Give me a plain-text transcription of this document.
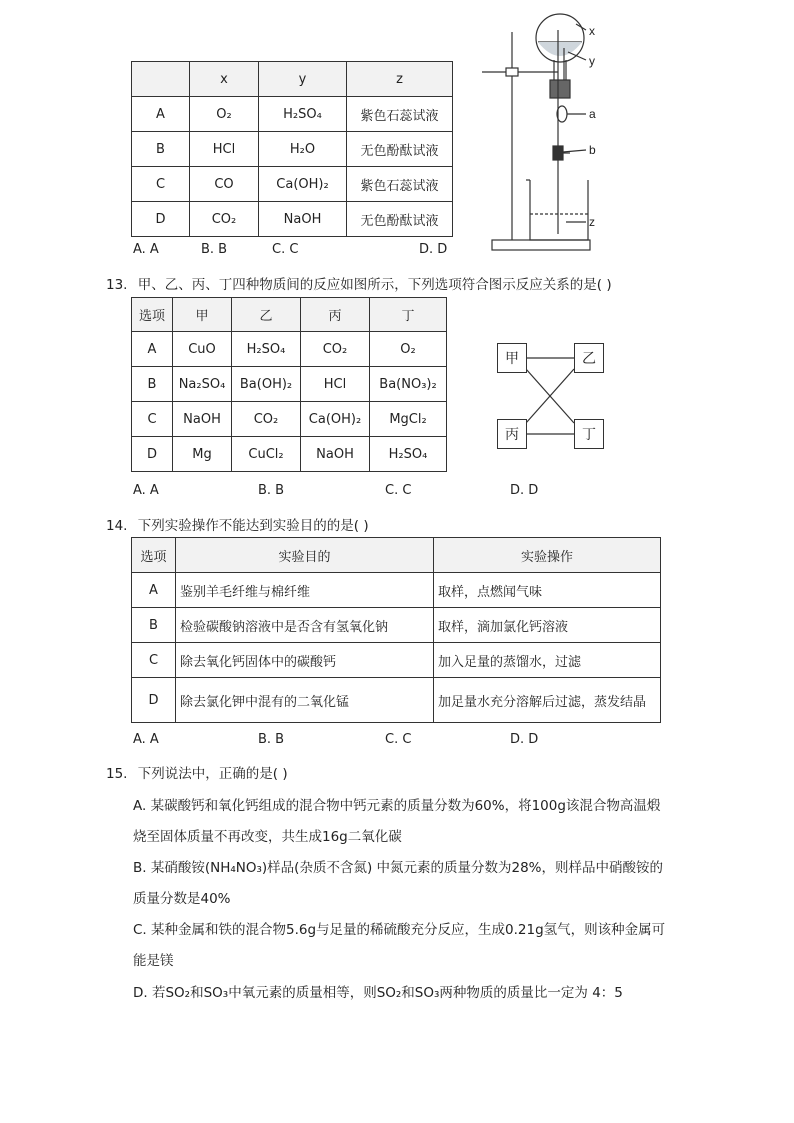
	x	y	z
A	O₂	H₂SO₄	紫色石蕊试液
B	HCl	H₂O	无色酚酞试液
C	CO	Ca(OH)₂	紫色石蕊试液
D	CO₂	NaOH	无色酚酞试液
A. A	B. B	C. C	D. D
x
y
a
b
z
13. 甲、乙、丙、丁四种物质间的反应如图所示，下列选项符合图示反应关系的是( )
选项	甲	乙	丙	丁
A	CuO	H₂SO₄	CO₂	O₂
B	Na₂SO₄	Ba(OH)₂	HCl	Ba(NO₃)₂
C	NaOH	CO₂	Ca(OH)₂	MgCl₂
D	Mg	CuCl₂	NaOH	H₂SO₄
甲	乙
丙	丁
A. A	B. B	C. C	D. D
14. 下列实验操作不能达到实验目的的是( )
选项	实验目的	实验操作
A	鉴别羊毛纤维与棉纤维	取样，点燃闻气味
B	检验碳酸钠溶液中是否含有氢氧化钠	取样，滴加氯化钙溶液
C	除去氧化钙固体中的碳酸钙	加入足量的蒸馏水，过滤
D	除去氯化钾中混有的二氧化锰	加足量水充分溶解后过滤，蒸发结晶
A. A	B. B	C. C	D. D
15. 下列说法中，正确的是( )
A. 某碳酸钙和氧化钙组成的混合物中钙元素的质量分数为60%，将100g该混合物高温煅
烧至固体质量不再改变，共生成16g二氧化碳
B. 某硝酸铵(NH₄NO₃)样品(杂质不含氮) 中氮元素的质量分数为28%，则样品中硝酸铵的
质量分数是40%
C. 某种金属和铁的混合物5.6g与足量的稀硫酸充分反应，生成0.21g氢气，则该种金属可
能是镁
D. 若SO₂和SO₃中氧元素的质量相等，则SO₂和SO₃两种物质的质量比一定为 4：5
